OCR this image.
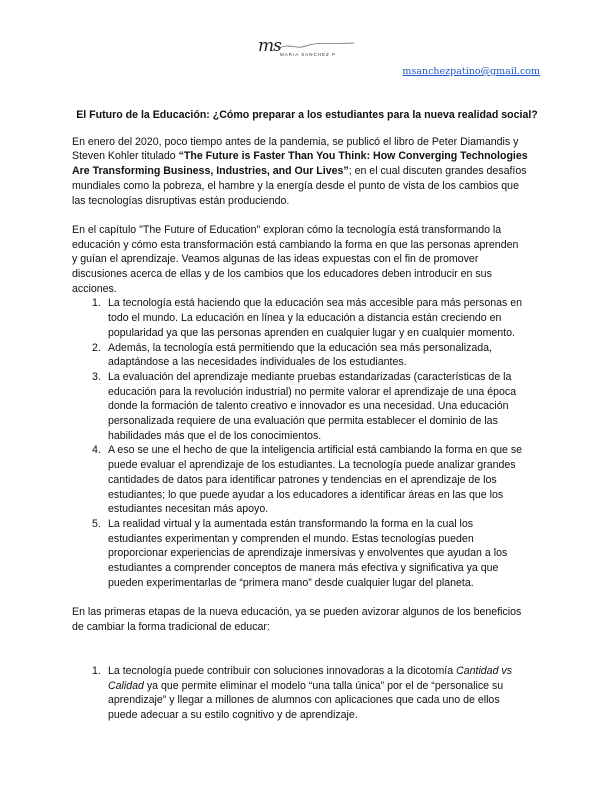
ms MARIA SANCHEZ P
msanchezpatino@gmail.com
El Futuro de la Educación: ¿Cómo preparar a los estudiantes para la nueva realidad social?
En enero del 2020, poco tiempo antes de la pandemia, se publicó el libro de Peter Diamandis y
Steven Kohler titulado “The Future is Faster Than You Think: How Converging Technologies
Are Transforming Business, Industries, and Our Lives”; en el cual discuten grandes desafíos
mundiales como la pobreza, el hambre y la energía desde el punto de vista de los cambios que
las tecnologías disruptivas están produciendo.
En el capítulo "The Future of Education" exploran cómo la tecnología está transformando la
educación y cómo esta transformación está cambiando la forma en que las personas aprenden
y guían el aprendizaje. Veamos algunas de las ideas expuestas con el fin de promover
discusiones acerca de ellas y de los cambios que los educadores deben introducir en sus
acciones.
1. La tecnología está haciendo que la educación sea más accesible para más personas en
todo el mundo. La educación en línea y la educación a distancia están creciendo en
popularidad ya que las personas aprenden en cualquier lugar y en cualquier momento.
2. Además, la tecnología está permitiendo que la educación sea más personalizada,
adaptándose a las necesidades individuales de los estudiantes.
3. La evaluación del aprendizaje mediante pruebas estandarizadas (características de la
educación para la revolución industrial) no permite valorar el aprendizaje de una época
donde la formación de talento creativo e innovador es una necesidad. Una educación
personalizada requiere de una evaluación que permita establecer el dominio de las
habilidades más que el de los conocimientos.
4. A eso se une el hecho de que la inteligencia artificial está cambiando la forma en que se
puede evaluar el aprendizaje de los estudiantes. La tecnología puede analizar grandes
cantidades de datos para identificar patrones y tendencias en el aprendizaje de los
estudiantes; lo que puede ayudar a los educadores a identificar áreas en las que los
estudiantes necesitan más apoyo.
5. La realidad virtual y la aumentada están transformando la forma en la cual los
estudiantes experimentan y comprenden el mundo. Estas tecnologías pueden
proporcionar experiencias de aprendizaje inmersivas y envolventes que ayudan a los
estudiantes a comprender conceptos de manera más efectiva y significativa ya que
pueden experimentarlas de “primera mano” desde cualquier lugar del planeta.
En las primeras etapas de la nueva educación, ya se pueden avizorar algunos de los beneficios
de cambiar la forma tradicional de educar:
1. La tecnología puede contribuir con soluciones innovadoras a la dicotomía Cantidad vs
Calidad ya que permite eliminar el modelo “una talla única” por el de “personalice su
aprendizaje” y llegar a millones de alumnos con aplicaciones que cada uno de ellos
puede adecuar a su estilo cognitivo y de aprendizaje.
